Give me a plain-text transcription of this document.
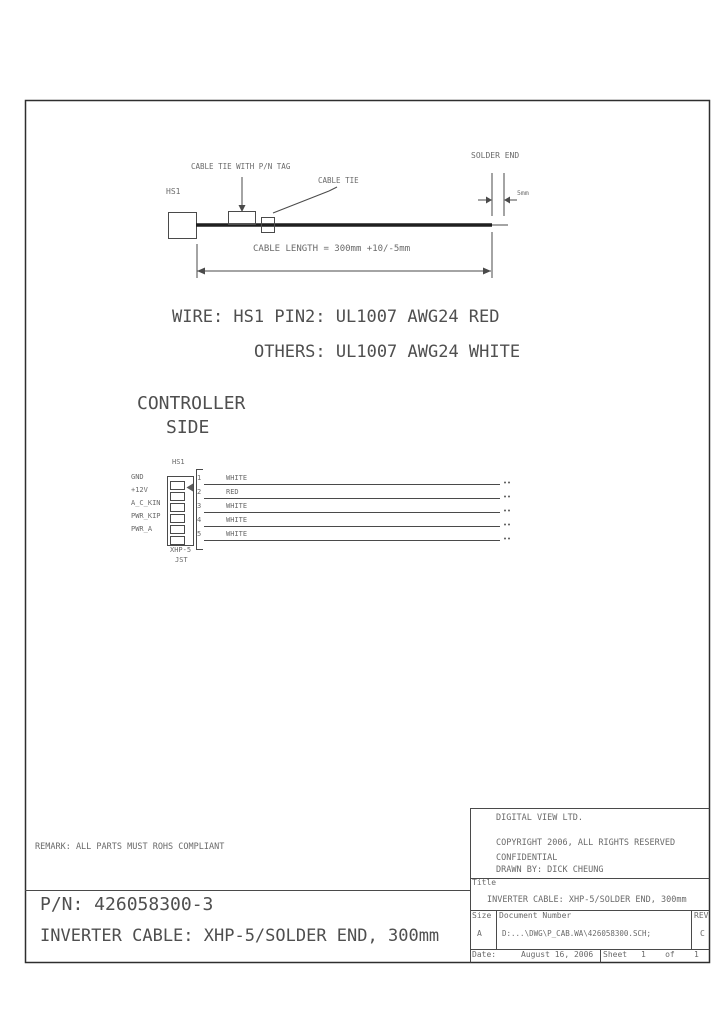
CABLE TIE WITH P/N TAG
CABLE TIE
HS1
SOLDER END
5mm
CABLE LENGTH = 300mm +10/-5mm
WIRE: HS1 PIN2: UL1007 AWG24 RED
OTHERS: UL1007 AWG24 WHITE
CONTROLLER
SIDE
HS1
GND
+12V
A_C_KIN
PWR_KIP
PWR_A
1
2
3
4
5
WHITE
RED
WHITE
WHITE
WHITE
XHP-5
JST
REMARK: ALL PARTS MUST ROHS COMPLIANT
P/N: 426058300-3
INVERTER CABLE: XHP-5/SOLDER END, 300mm
DIGITAL VIEW LTD.
COPYRIGHT 2006, ALL RIGHTS RESERVED
CONFIDENTIAL
DRAWN BY: DICK CHEUNG
Title
INVERTER CABLE: XHP-5/SOLDER END, 300mm
Size Document Number	REV
A	D:...\DWG\P_CAB.WA\426058300.SCH;	C
Date:	August 16, 2006 Sheet 1    of    1
